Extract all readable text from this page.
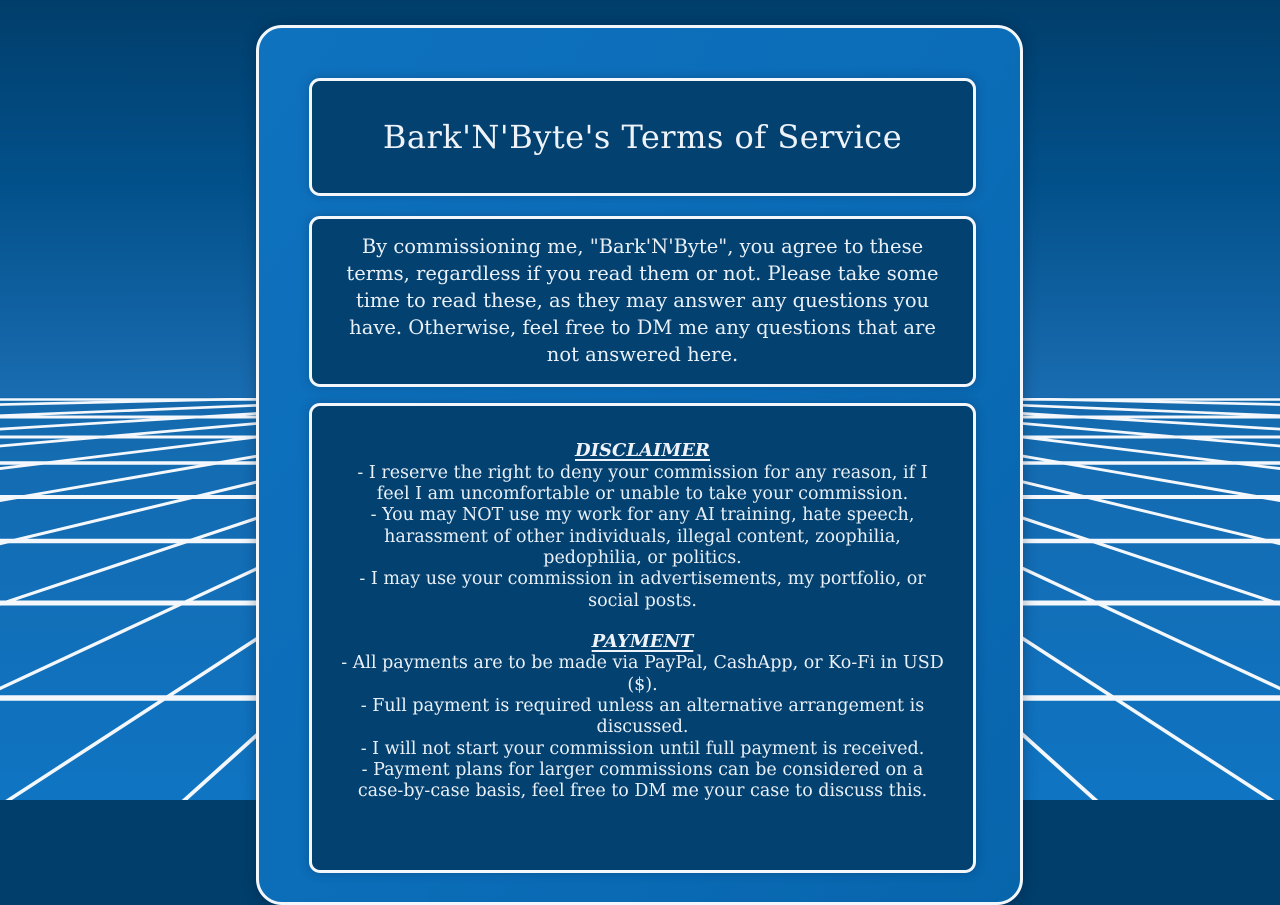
Bark'N'Byte's Terms of Service
By commissioning me, "Bark'N'Byte", you agree to these terms, regardless if you read them or not. Please take some time to read these, as they may answer any questions you have. Otherwise, feel free to DM me any questions that are not answered here.
DISCLAIMER

- I reserve the right to deny your commission for any reason, if I feel I am uncomfortable or unable to take your commission.

- You may NOT use my work for any AI training, hate speech, harassment of other individuals, illegal content, zoophilia, pedophilia, or politics.

- I may use your commission in advertisements, my portfolio, or social posts.

PAYMENT

- All payments are to be made via PayPal, CashApp, or Ko-Fi in USD ($).

- Full payment is required unless an alternative arrangement is discussed.

- I will not start your commission until full payment is received.

- Payment plans for larger commissions can be considered on a case-by-case basis, feel free to DM me your case to discuss this.
